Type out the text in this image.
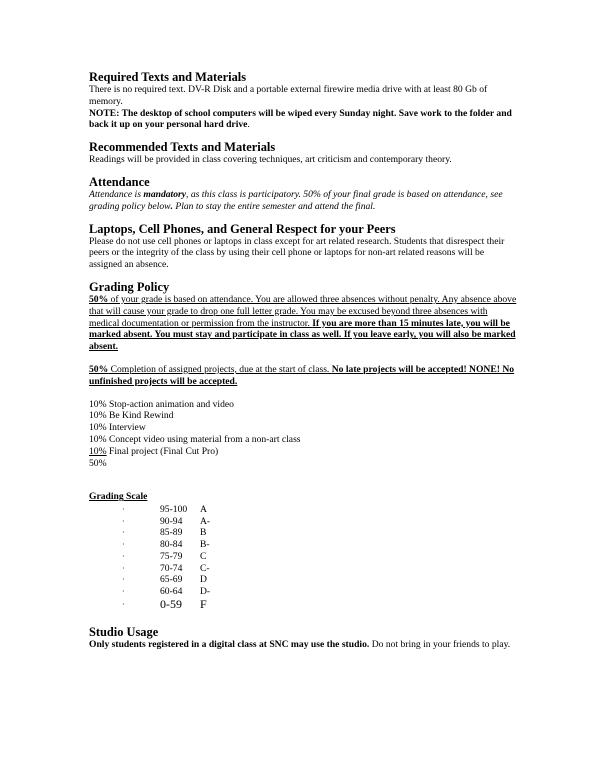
Required Texts and Materials

There is no required text. DV-R Disk and a portable external firewire media drive with at least 80 Gb of memory.

NOTE: The desktop of school computers will be wiped every Sunday night. Save work to the folder and back it up on your personal hard drive.

Recommended Texts and Materials

Readings will be provided in class covering techniques, art criticism and contemporary theory.

Attendance

Attendance is mandatory, as this class is participatory. 50% of your final grade is based on attendance, see grading policy below. Plan to stay the entire semester and attend the final.

Laptops, Cell Phones, and General Respect for your Peers

Please do not use cell phones or laptops in class except for art related research. Students that disrespect their peers or the integrity of the class by using their cell phone or laptops for non-art related reasons will be assigned an absence.

Grading Policy

50% of your grade is based on attendance. You are allowed three absences without penalty. Any absence above that will cause your grade to drop one full letter grade. You may be excused beyond three absences with medical documentation or permission from the instructor. If you are more than 15 minutes late, you will be marked absent. You must stay and participate in class as well. If you leave early, you will also be marked absent.

50% Completion of assigned projects, due at the start of class. No late projects will be accepted! NONE! No unfinished projects will be accepted.

10% Stop-action animation and video

10% Be Kind Rewind

10% Interview

10% Concept video using material from a non-art class

10% Final project (Final Cut Pro)

50%

Grading Scale

·	95-100	A
·	90-94	A-
·	85-89	B
·	80-84	B-
·	75-79	C
·	70-74	C-
·	65-69	D
·	60-64	D-
·	0-59	F
Studio Usage

Only students registered in a digital class at SNC may use the studio. Do not bring in your friends to play.
